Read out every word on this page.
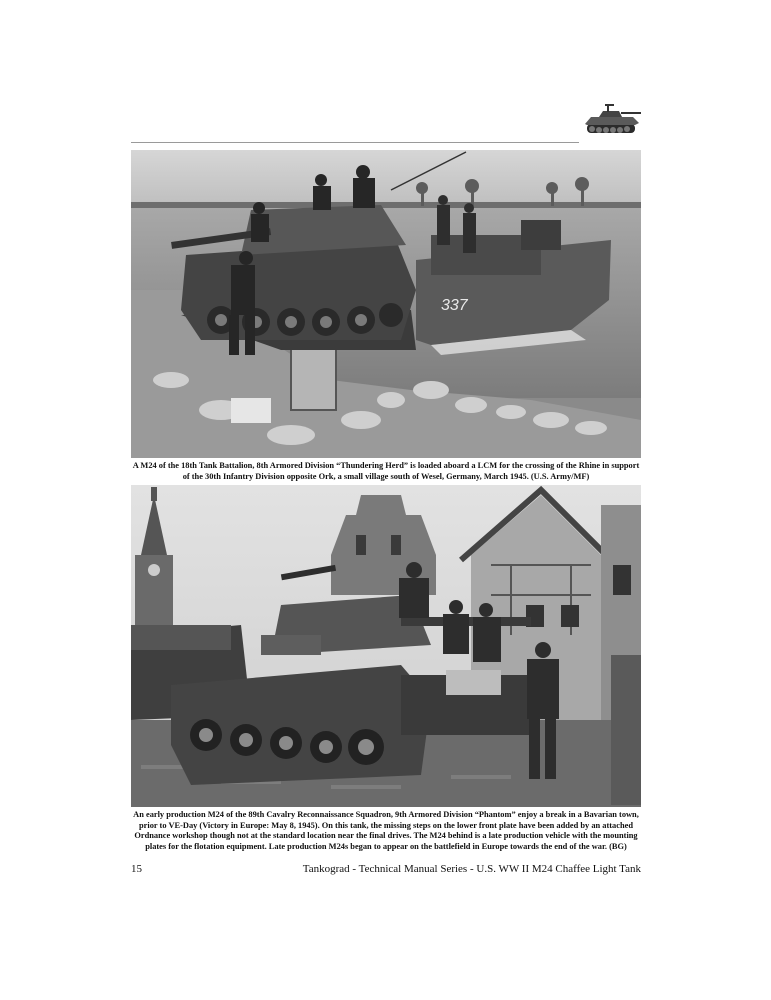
337
A M24 of the 18th Tank Battalion, 8th Armored Division “Thundering Herd” is loaded aboard a LCM for the crossing of the Rhine in support of the 30th Infantry Division opposite Ork, a small village south of Wesel, Germany, March 1945. (U.S. Army/MF)
An early production M24 of the 89th Cavalry Reconnaissance Squadron, 9th Armored Division “Phantom” enjoy a break in a Bavarian town, prior to VE-Day (Victory in Europe: May 8, 1945). On this tank, the missing steps on the lower front plate have been added by an attached Ordnance workshop though not at the standard location near the final drives. The M24 behind is a late production vehicle with the mounting plates for the flotation equipment. Late production M24s began to appear on the battlefield in Europe towards the end of the war. (BG)
15	Tankograd - Technical Manual Series - U.S. WW II M24 Chaffee Light Tank
